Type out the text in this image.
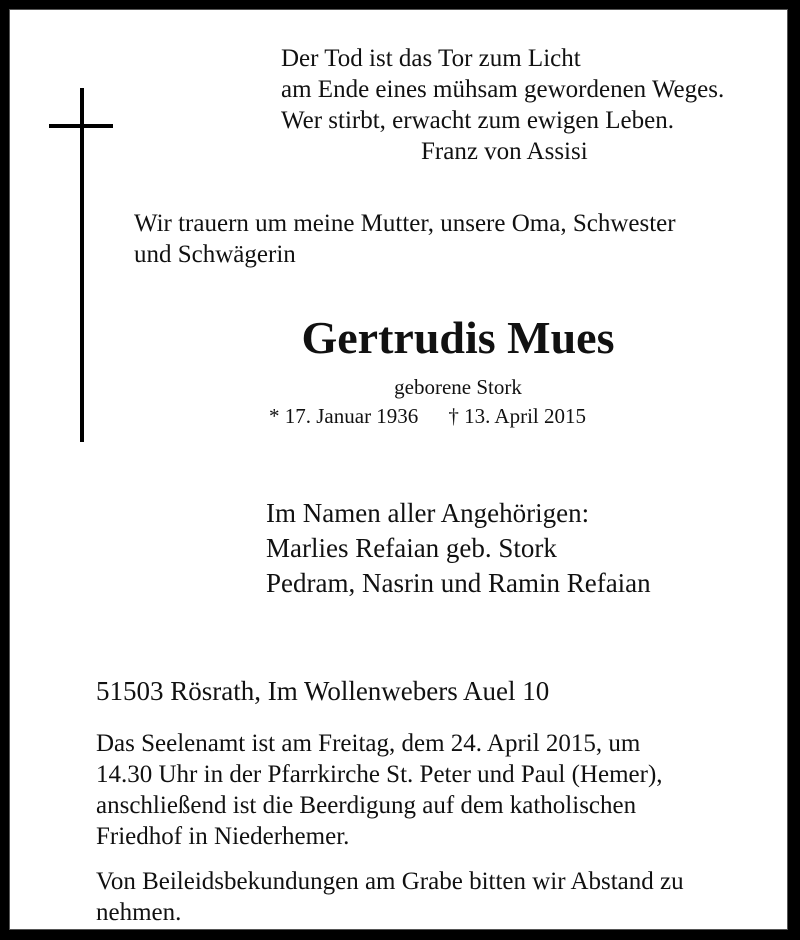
Der Tod ist das Tor zum Licht
am Ende eines mühsam gewordenen Weges.
Wer stirbt, erwacht zum ewigen Leben.
Franz von Assisi
Wir trauern um meine Mutter, unsere Oma, Schwester
und Schwägerin
Gertrudis Mues
geborene Stork
* 17. Januar 1936 † 13. April 2015
Im Namen aller Angehörigen:
Marlies Refaian geb. Stork
Pedram, Nasrin und Ramin Refaian
51503 Rösrath, Im Wollenwebers Auel 10
Das Seelenamt ist am Freitag, dem 24. April 2015, um
14.30 Uhr in der Pfarrkirche St. Peter und Paul (Hemer),
anschließend ist die Beerdigung auf dem katholischen
Friedhof in Niederhemer.
Von Beileidsbekundungen am Grabe bitten wir Abstand zu
nehmen.
